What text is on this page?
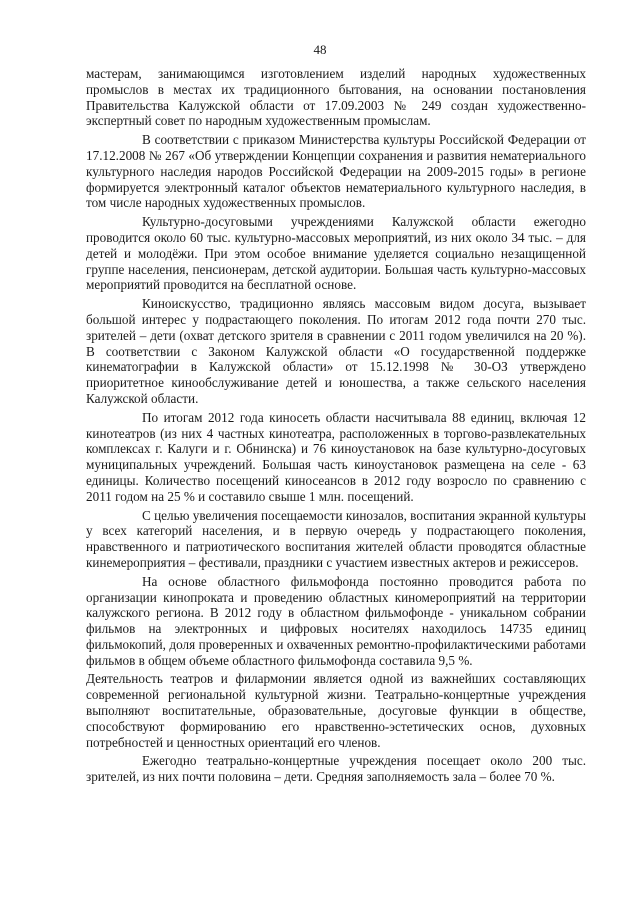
48

мастерам, занимающимся изготовлением изделий народных художественных промыслов в местах их традиционного бытования, на основании постановления Правительства Калужской области от 17.09.2003 № 249 создан художественно-экспертный совет по народным художественным промыслам.

В соответствии с приказом Министерства культуры Российской Федерации от 17.12.2008 № 267 «Об утверждении Концепции сохранения и развития нематериального культурного наследия народов Российской Федерации на 2009-2015 годы» в регионе формируется электронный каталог объектов нематериального культурного наследия, в том числе народных художественных промыслов.

Культурно-досуговыми учреждениями Калужской области ежегодно проводится около 60 тыс. культурно-массовых мероприятий, из них около 34 тыс. – для детей и молодёжи. При этом особое внимание уделяется социально незащищенной группе населения, пенсионерам, детской аудитории. Большая часть культурно-массовых мероприятий проводится на бесплатной основе.

Киноискусство, традиционно являясь массовым видом досуга, вызывает большой интерес у подрастающего поколения. По итогам 2012 года почти 270 тыс. зрителей – дети (охват детского зрителя в сравнении с 2011 годом увеличился на 20 %). В соответствии с Законом Калужской области «О государственной поддержке кинематографии в Калужской области» от 15.12.1998 № 30-ОЗ утверждено приоритетное кинообслуживание детей и юношества, а также сельского населения Калужской области.

По итогам 2012 года киносеть области насчитывала 88 единиц, включая 12 кинотеатров (из них 4 частных кинотеатра, расположенных в торгово-развлекательных комплексах г. Калуги и г. Обнинска) и 76 киноустановок на базе культурно-досуговых муниципальных учреждений. Большая часть киноустановок размещена на селе - 63 единицы. Количество посещений киносеансов в 2012 году возросло по сравнению с 2011 годом на 25 % и составило свыше 1 млн. посещений.

С целью увеличения посещаемости кинозалов, воспитания экранной культуры у всех категорий населения, и в первую очередь у подрастающего поколения, нравственного и патриотического воспитания жителей области проводятся областные кинемероприятия – фестивали, праздники с участием известных актеров и режиссеров.

На основе областного фильмофонда постоянно проводится работа по организации кинопроката и проведению областных киномероприятий на территории калужского региона. В 2012 году в областном фильмофонде - уникальном собрании фильмов на электронных и цифровых носителях находилось 14735 единиц фильмокопий, доля проверенных и охваченных ремонтно-профилактическими работами фильмов в общем объеме областного фильмофонда составила 9,5 %.

Деятельность театров и филармонии является одной из важнейших составляющих современной региональной культурной жизни. Театрально-концертные учреждения выполняют воспитательные, образовательные, досуговые функции в обществе, способствуют формированию его нравственно-эстетических основ, духовных потребностей и ценностных ориентаций его членов.

Ежегодно театрально-концертные учреждения посещает около 200 тыс. зрителей, из них почти половина – дети. Средняя заполняемость зала – более 70 %.
